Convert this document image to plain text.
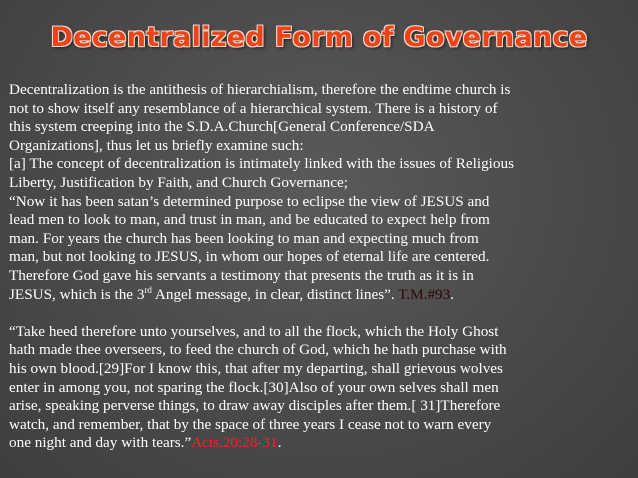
Decentralized Form of Governance

Decentralization is the antithesis of hierarchialism, therefore the endtime church is
not to show itself any resemblance of a hierarchical system. There is a history of
this system creeping into the S.D.A.Church[General Conference/SDA
Organizations], thus let us briefly examine such:
[a] The concept of decentralization is intimately linked with the issues of Religious
Liberty, Justification by Faith, and Church Governance;
“Now it has been satan’s determined purpose to eclipse the view of JESUS and
lead men to look to man, and trust in man, and be educated to expect help from
man. For years the church has been looking to man and expecting much from
man, but not looking to JESUS, in whom our hopes of eternal life are centered.
Therefore God gave his servants a testimony that presents the truth as it is in
JESUS, which is the 3rd Angel message, in clear, distinct lines”. T.M.#93.

“Take heed therefore unto yourselves, and to all the flock, which the Holy Ghost
hath made thee overseers, to feed the church of God, which he hath purchase with
his own blood.[29]For I know this, that after my departing, shall grievous wolves
enter in among you, not sparing the flock.[30]Also of your own selves shall men
arise, speaking perverse things, to draw away disciples after them.[ 31]Therefore
watch, and remember, that by the space of three years I cease not to warn every
one night and day with tears.”Acts.20:28-31.
